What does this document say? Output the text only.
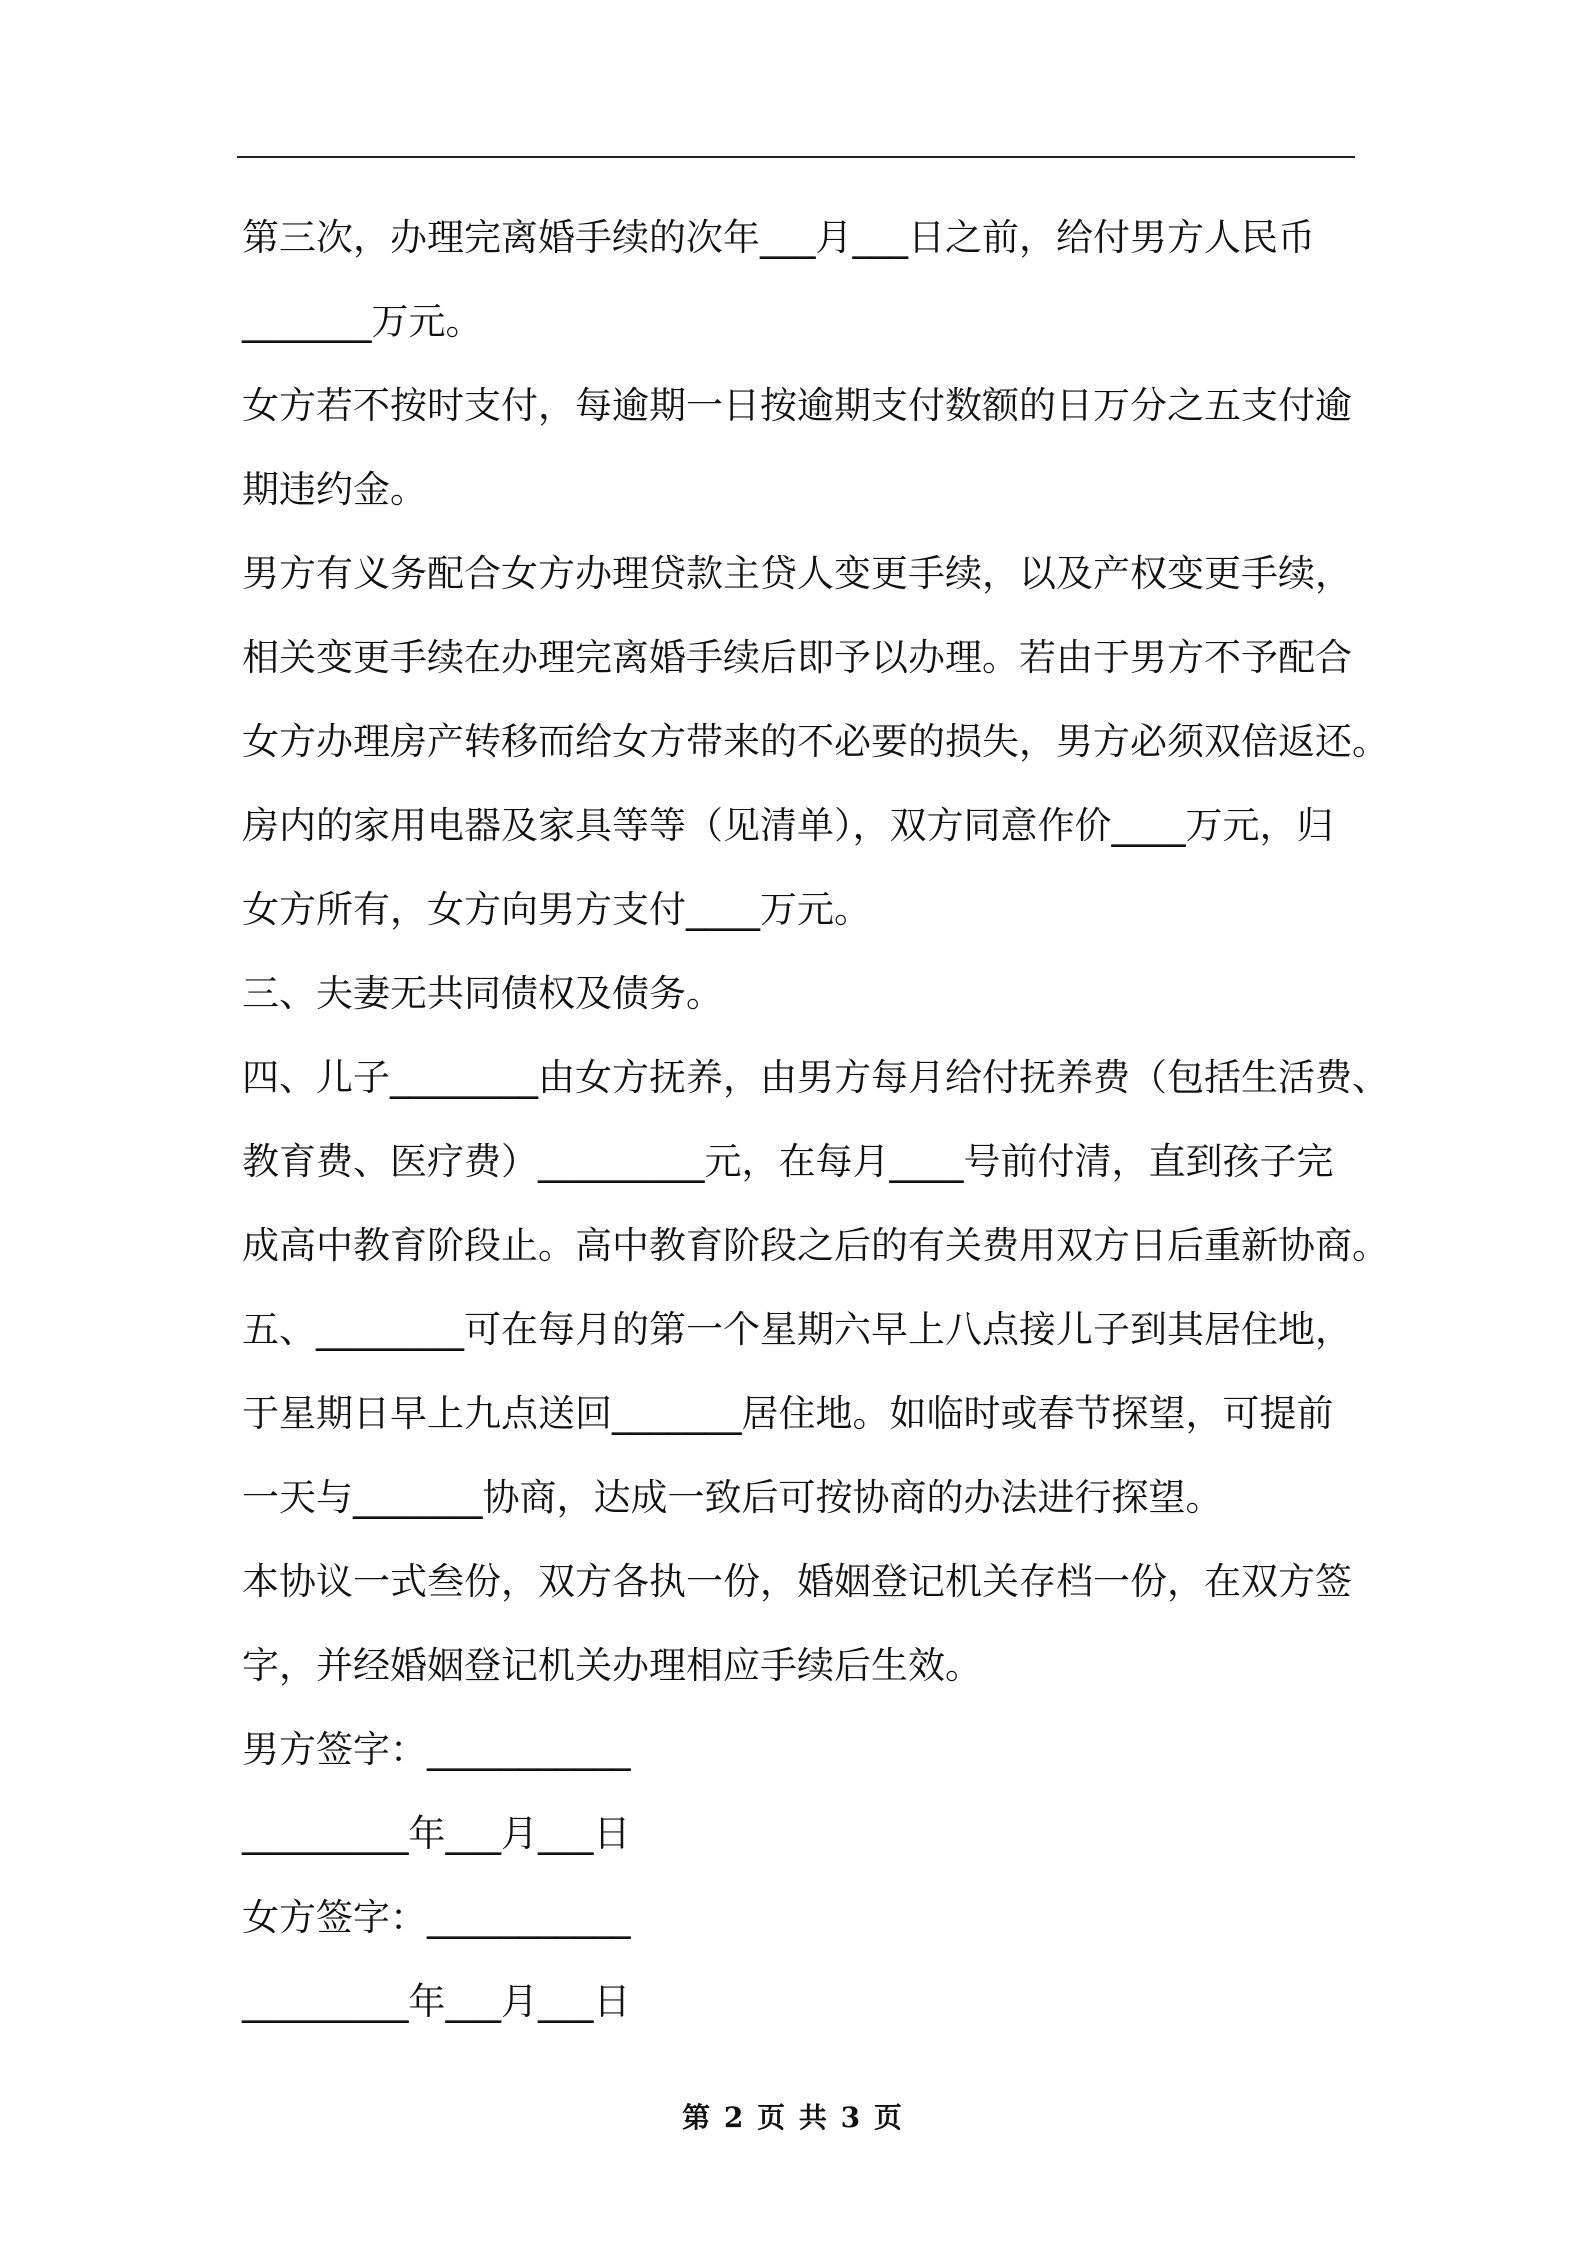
第三次，办理完离婚手续的次年___月___日之前，给付男方人民币
_______万元。
女方若不按时支付，每逾期一日按逾期支付数额的日万分之五支付逾
期违约金。
男方有义务配合女方办理贷款主贷人变更手续，以及产权变更手续，
相关变更手续在办理完离婚手续后即予以办理。若由于男方不予配合
女方办理房产转移而给女方带来的不必要的损失，男方必须双倍返还。
房内的家用电器及家具等等（见清单），双方同意作价____万元，归
女方所有，女方向男方支付____万元。
三、夫妻无共同债权及债务。
四、儿子________由女方抚养，由男方每月给付抚养费（包括生活费、
教育费、医疗费）_________元，在每月____号前付清，直到孩子完
成高中教育阶段止。高中教育阶段之后的有关费用双方日后重新协商。
五、________可在每月的第一个星期六早上八点接儿子到其居住地，
于星期日早上九点送回_______居住地。如临时或春节探望，可提前
一天与_______协商，达成一致后可按协商的办法进行探望。
本协议一式叁份，双方各执一份，婚姻登记机关存档一份，在双方签
字，并经婚姻登记机关办理相应手续后生效。
男方签字：___________
_________年___月___日
女方签字：___________
_________年___月___日
第 2 页 共 3 页
